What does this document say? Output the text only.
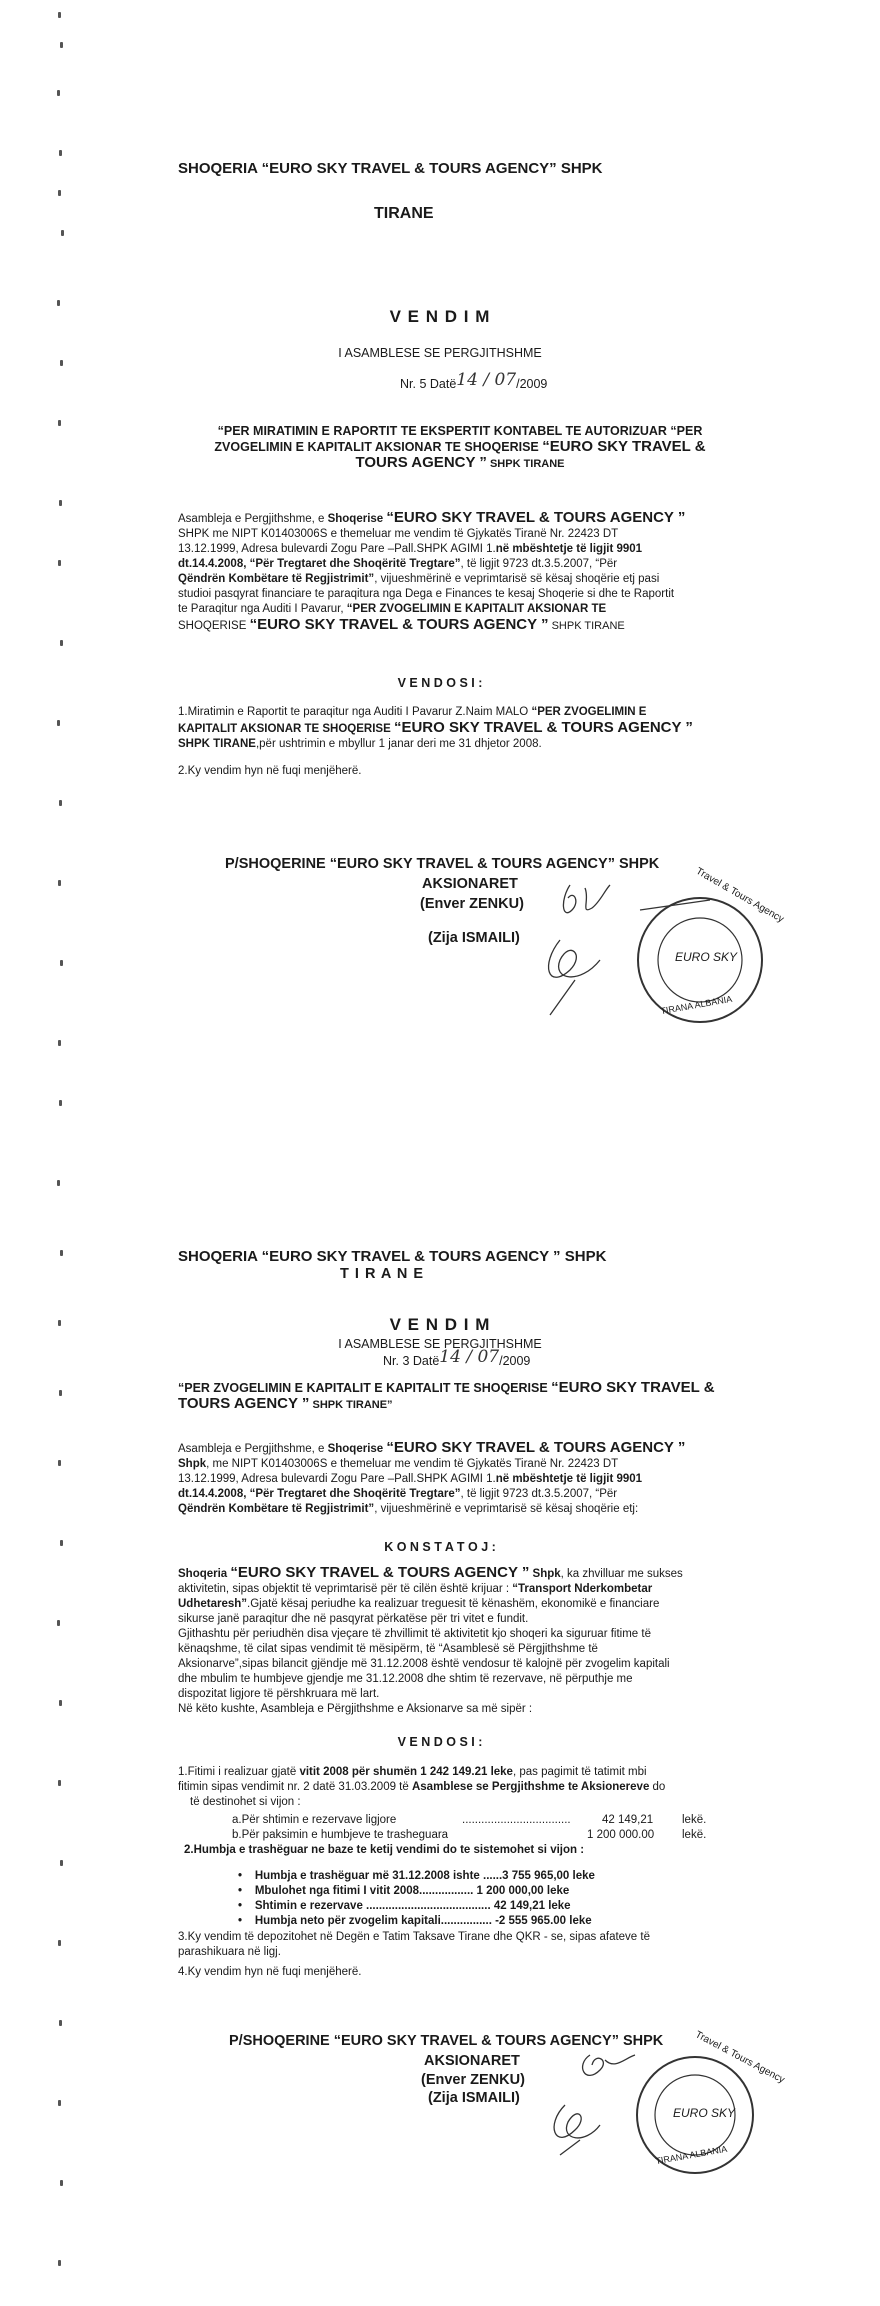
SHOQERIA “EURO SKY TRAVEL & TOURS AGENCY” SHPK
TIRANE
V E N D I M
I ASAMBLESE SE PERGJITHSHME
Nr. 5 Datë14 / 07/2009
“PER MIRATIMIN E RAPORTIT TE EKSPERTIT KONTABEL TE AUTORIZUAR “PER
ZVOGELIMIN E KAPITALIT AKSIONAR TE SHOQERISE “EURO SKY TRAVEL &
TOURS AGENCY ” SHPK TIRANE
Asambleja e Pergjithshme, e Shoqerise “EURO SKY TRAVEL & TOURS AGENCY ”
SHPK me NIPT K01403006S e themeluar me vendim të Gjykatës Tiranë Nr. 22423 DT
13.12.1999, Adresa bulevardi Zogu Pare –Pall.SHPK AGIMI 1.në mbështetje të ligjit 9901
dt.14.4.2008, “Për Tregtaret dhe Shoqëritë Tregtare”, të ligjit 9723 dt.3.5.2007, “Për
Qëndrën Kombëtare të Regjistrimit”, vijueshmërinë e veprimtarisë së kësaj shoqërie etj pasi
studioi pasqyrat financiare te paraqitura nga Dega e Finances te kesaj Shoqerie si dhe te Raportit
te Paraqitur nga Auditi I Pavarur, “PER ZVOGELIMIN E KAPITALIT AKSIONAR TE
SHOQERISE “EURO SKY TRAVEL & TOURS AGENCY ” SHPK TIRANE
V E N D O S I :
1.Miratimin e Raportit te paraqitur nga Auditi I Pavarur Z.Naim MALO “PER ZVOGELIMIN E
KAPITALIT AKSIONAR TE SHOQERISE “EURO SKY TRAVEL & TOURS AGENCY ”
SHPK TIRANE,për ushtrimin e mbyllur 1 janar deri me 31 dhjetor 2008.
2.Ky vendim hyn në fuqi menjëherë.
P/SHOQERINE “EURO SKY TRAVEL & TOURS AGENCY” SHPK
AKSIONARET
(Enver ZENKU)
(Zija ISMAILI)
Travel & Tours Agency
EURO SKY
TIRANA ALBANIA
SHOQERIA “EURO SKY TRAVEL & TOURS AGENCY ” SHPK
T I R A N E
V E N D I M
I ASAMBLESE SE PERGJITHSHME
Nr. 3 Datë14 / 07/2009
“PER ZVOGELIMIN E KAPITALIT E KAPITALIT TE SHOQERISE “EURO SKY TRAVEL &
TOURS AGENCY ” SHPK TIRANE”
Asambleja e Pergjithshme, e Shoqerise “EURO SKY TRAVEL & TOURS AGENCY ”
Shpk, me NIPT K01403006S e themeluar me vendim të Gjykatës Tiranë Nr. 22423 DT
13.12.1999, Adresa bulevardi Zogu Pare –Pall.SHPK AGIMI 1.në mbështetje të ligjit 9901
dt.14.4.2008, “Për Tregtaret dhe Shoqëritë Tregtare”, të ligjit 9723 dt.3.5.2007, “Për
Qëndrën Kombëtare të Regjistrimit”, vijueshmërinë e veprimtarisë së kësaj shoqërie etj:
K O N S T A T O J :
Shoqeria “EURO SKY TRAVEL & TOURS AGENCY ” Shpk, ka zhvilluar me sukses
aktivitetin, sipas objektit të veprimtarisë për të cilën është krijuar : “Transport Nderkombetar
Udhetaresh”.Gjatë kësaj periudhe ka realizuar treguesit të kënashëm, ekonomikë e financiare
sikurse janë paraqitur dhe në pasqyrat përkatëse për tri vitet e fundit.
Gjithashtu për periudhën disa vjeçare të zhvillimit të aktivitetit kjo shoqeri ka siguruar fitime të
kënaqshme, të cilat sipas vendimit të mësipërm, të “Asamblesë së Përgjithshme të
Aksionarve”,sipas bilancit gjëndje më 31.12.2008 është vendosur të kalojnë për zvogelim kapitali
dhe mbulim te humbjeve gjendje me 31.12.2008 dhe shtim të rezervave, në përputhje me
dispozitat ligjore të përshkruara më lart.
Në këto kushte, Asambleja e Përgjithshme e Aksionarve sa më sipër :
V E N D O S I :
1.Fitimi i realizuar gjatë vitit 2008 për shumën 1 242 149.21 leke, pas pagimit të tatimit mbi
fitimin sipas vendimit nr. 2 datë 31.03.2009 të Asamblese se Pergjithshme te Aksionereve do
të destinohet si vijon :
a.Për shtimin e rezervave ligjore	..................................	42 149,21	lekë.
b.Për paksimin e humbjeve te trasheguara	1 200 000.00 lekë.
2.Humbja e trashëguar ne baze te ketij vendimi do te sistemohet si vijon :
•    Humbja e trashëguar më 31.12.2008 ishte ......3 755 965,00 leke
•    Mbulohet nga fitimi I vitit 2008................. 1 200 000,00 leke
•    Shtimin e rezervave ....................................... 42 149,21 leke
•    Humbja neto për zvogelim kapitali................ -2 555 965.00 leke
3.Ky vendim të depozitohet në Degën e Tatim Taksave Tirane dhe QKR - se, sipas afateve të
parashikuara në ligj.
4.Ky vendim hyn në fuqi menjëherë.
P/SHOQERINE “EURO SKY TRAVEL & TOURS AGENCY” SHPK
AKSIONARET
(Enver ZENKU)
(Zija ISMAILI)
Travel & Tours Agency
EURO SKY
TIRANA ALBANIA
